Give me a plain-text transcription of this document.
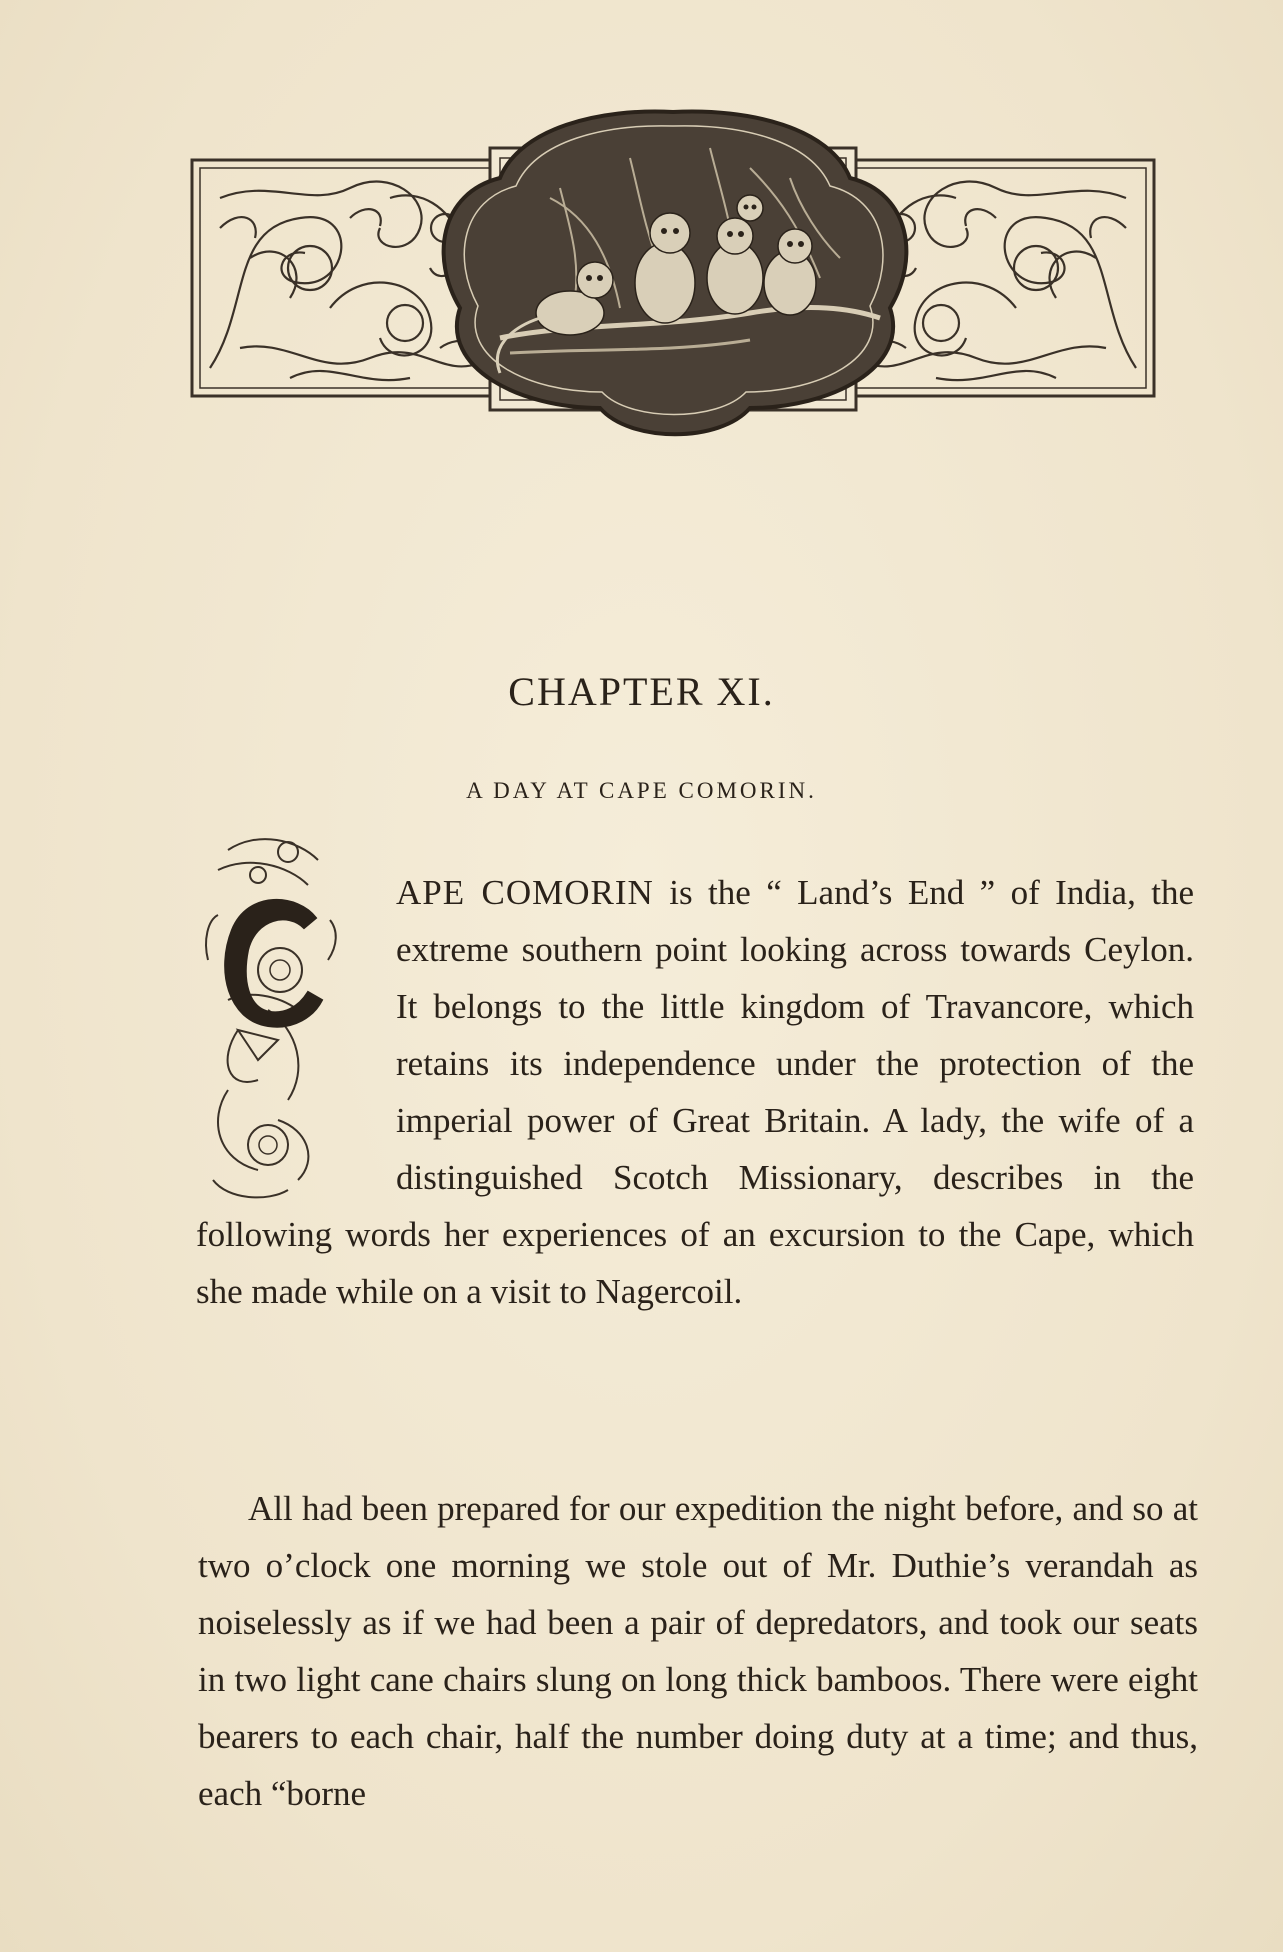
CHAPTER XI.
A DAY AT CAPE COMORIN.

APE COMORIN is the “ Land’s End ” of India, the extreme southern point looking across towards Ceylon. It belongs to the little kingdom of Travancore, which retains its independence under the protection of the imperial power of Great Britain. A lady, the wife of a distinguished Scotch Missionary, describes in the following words her experiences of an excursion to the Cape, which she made while on a visit to Nagercoil.

All had been prepared for our expedition the night before, and so at two o’clock one morning we stole out of Mr. Duthie’s verandah as noiselessly as if we had been a pair of depredators, and took our seats in two light cane chairs slung on long thick bamboos. There were eight bearers to each chair, half the number doing duty at a time; and thus, each “borne
